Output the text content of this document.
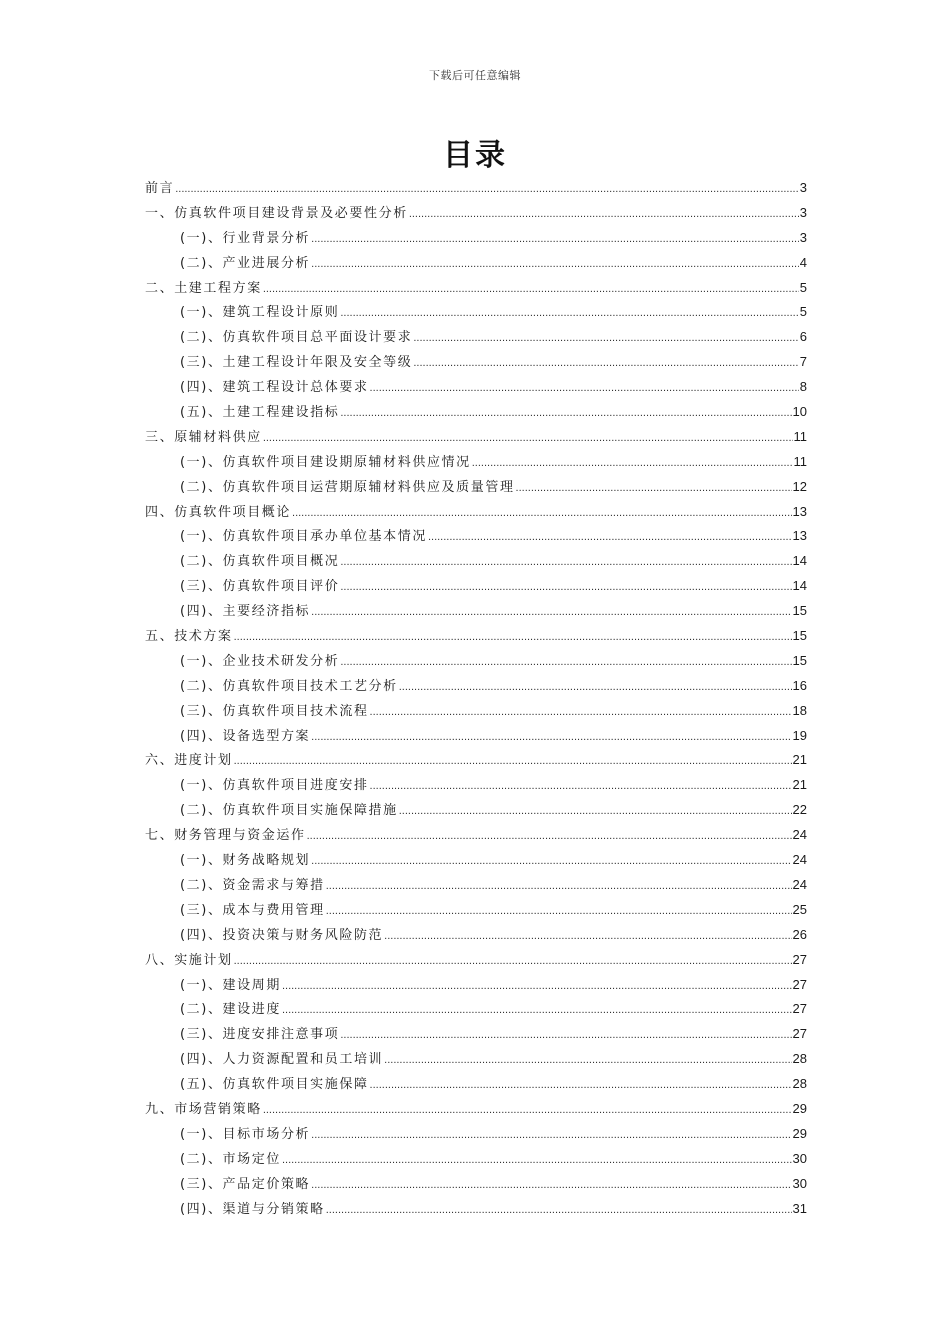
下载后可任意编辑
目录
前言 .....	3
一、仿真软件项目建设背景及必要性分析 .....	3
(一)、行业背景分析 .....	3
(二)、产业进展分析 .....	4
二、土建工程方案 .....	5
(一)、建筑工程设计原则 .....	5
(二)、仿真软件项目总平面设计要求 .....	6
(三)、土建工程设计年限及安全等级 .....	7
(四)、建筑工程设计总体要求 .....	8
(五)、土建工程建设指标 .....	10
三、原辅材料供应 .....	11
(一)、仿真软件项目建设期原辅材料供应情况 .....	11
(二)、仿真软件项目运营期原辅材料供应及质量管理 .....	12
四、仿真软件项目概论 .....	13
(一)、仿真软件项目承办单位基本情况 .....	13
(二)、仿真软件项目概况 .....	14
(三)、仿真软件项目评价 .....	14
(四)、主要经济指标 .....	15
五、技术方案 .....	15
(一)、企业技术研发分析 .....	15
(二)、仿真软件项目技术工艺分析 .....	16
(三)、仿真软件项目技术流程 .....	18
(四)、设备选型方案 .....	19
六、进度计划 .....	21
(一)、仿真软件项目进度安排 .....	21
(二)、仿真软件项目实施保障措施 .....	22
七、财务管理与资金运作 .....	24
(一)、财务战略规划 .....	24
(二)、资金需求与筹措 .....	24
(三)、成本与费用管理 .....	25
(四)、投资决策与财务风险防范 .....	26
八、实施计划 .....	27
(一)、建设周期 .....	27
(二)、建设进度 .....	27
(三)、进度安排注意事项 .....	27
(四)、人力资源配置和员工培训 .....	28
(五)、仿真软件项目实施保障 .....	28
九、市场营销策略 .....	29
(一)、目标市场分析 .....	29
(二)、市场定位 .....	30
(三)、产品定价策略 .....	30
(四)、渠道与分销策略 .....	31
